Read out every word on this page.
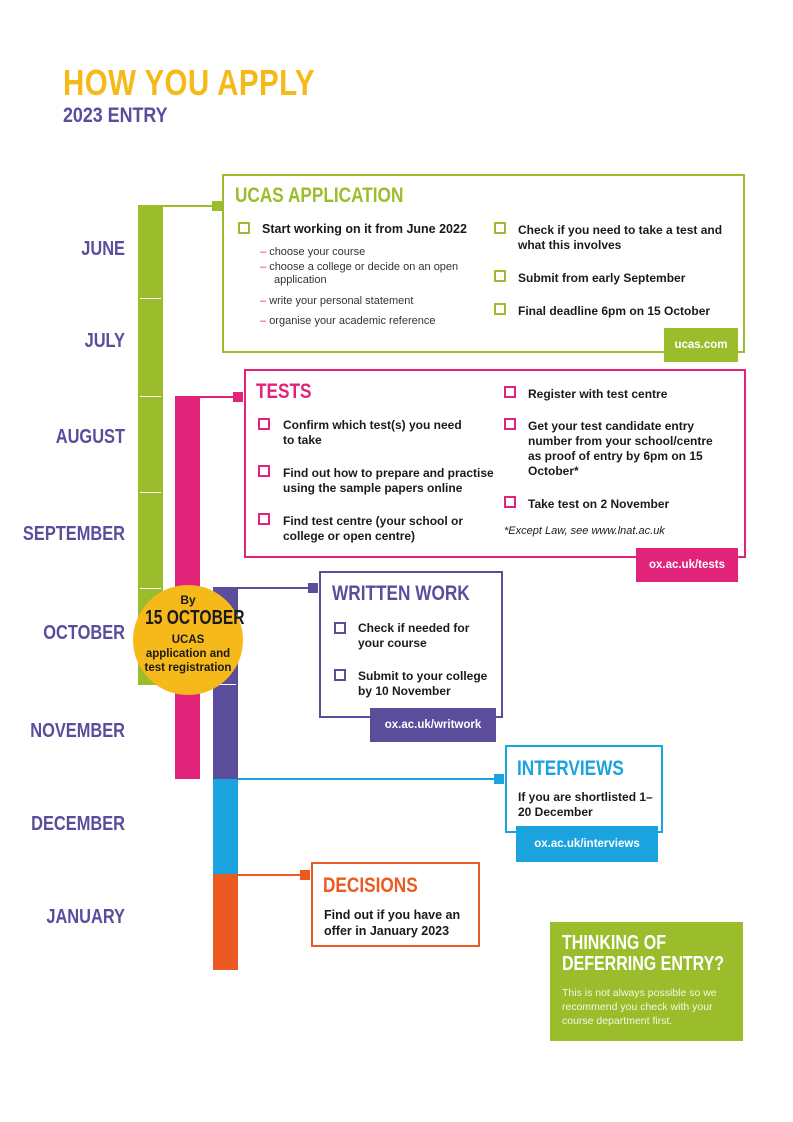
HOW YOU APPLY
2023 ENTRY
JUNE
JULY
AUGUST
SEPTEMBER
OCTOBER
NOVEMBER
DECEMBER
JANUARY
UCAS APPLICATION
Start working on it from June 2022
– choose your course
– choose a college or decide on an open application
– write your personal statement
– organise your academic reference
Check if you need to take a test and what this involves
Submit from early September
Final deadline 6pm on 15 October
ucas.com
TESTS
Confirm which test(s) you need to take
Find out how to prepare and practise using the sample papers online
Find test centre (your school or college or open centre)
Register with test centre
Get your test candidate entry number from your school/centre as proof of entry by 6pm on 15 October*
Take test on 2 November
*Except Law, see www.lnat.ac.uk
ox.ac.uk/tests
WRITTEN WORK
Check if needed for your course
Submit to your college by 10 November
ox.ac.uk/writwork
INTERVIEWS
If you are shortlisted 1–20 December
ox.ac.uk/interviews
DECISIONS
Find out if you have an offer in January 2023
By
15 OCTOBER
UCAS application and test registration
THINKING OF DEFERRING ENTRY?
This is not always possible so we recommend you check with your course department first.
